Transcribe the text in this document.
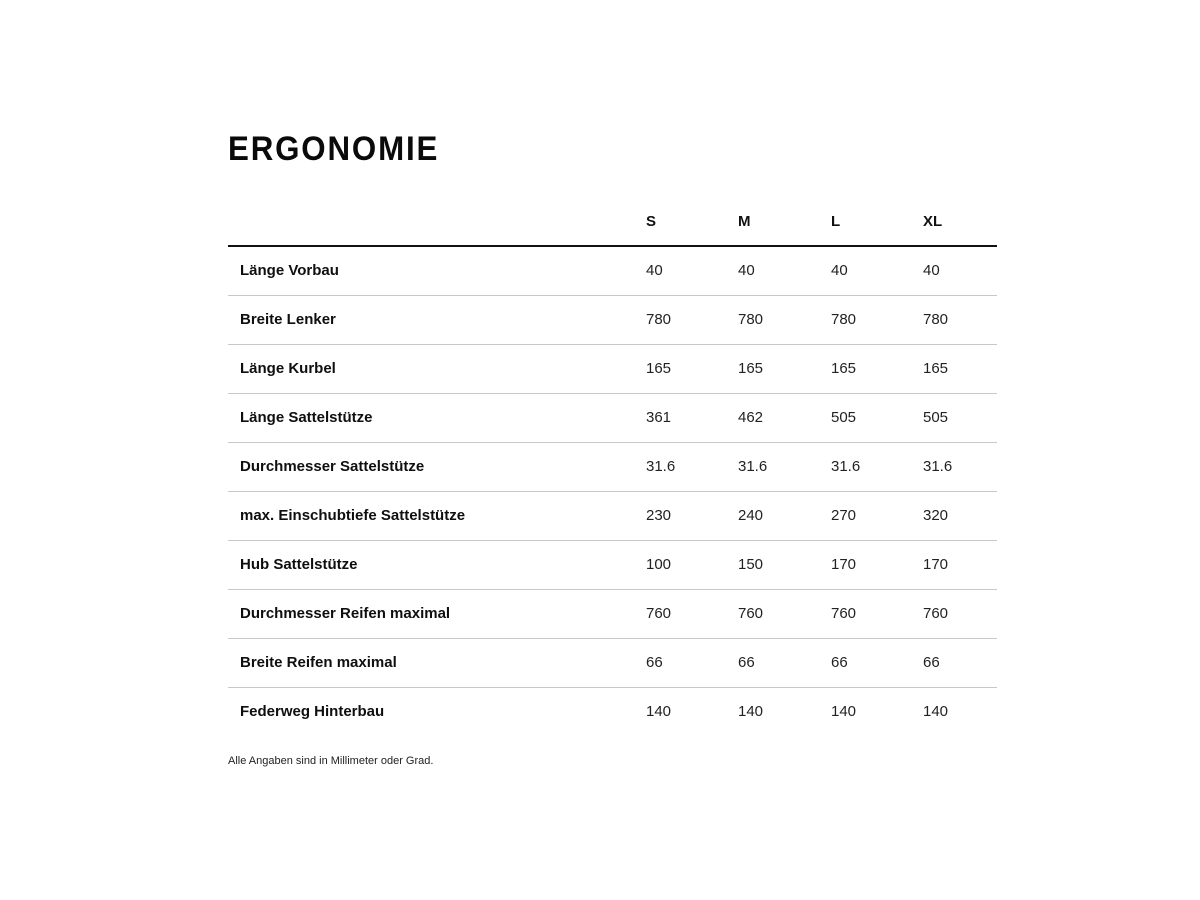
ERGONOMIE
	S	M	L	XL
Länge Vorbau	40	40	40	40
Breite Lenker	780	780	780	780
Länge Kurbel	165	165	165	165
Länge Sattelstütze	361	462	505	505
Durchmesser Sattelstütze	31.6	31.6	31.6	31.6
max. Einschubtiefe Sattelstütze	230	240	270	320
Hub Sattelstütze	100	150	170	170
Durchmesser Reifen maximal	760	760	760	760
Breite Reifen maximal	66	66	66	66
Federweg Hinterbau	140	140	140	140

Alle Angaben sind in Millimeter oder Grad.
